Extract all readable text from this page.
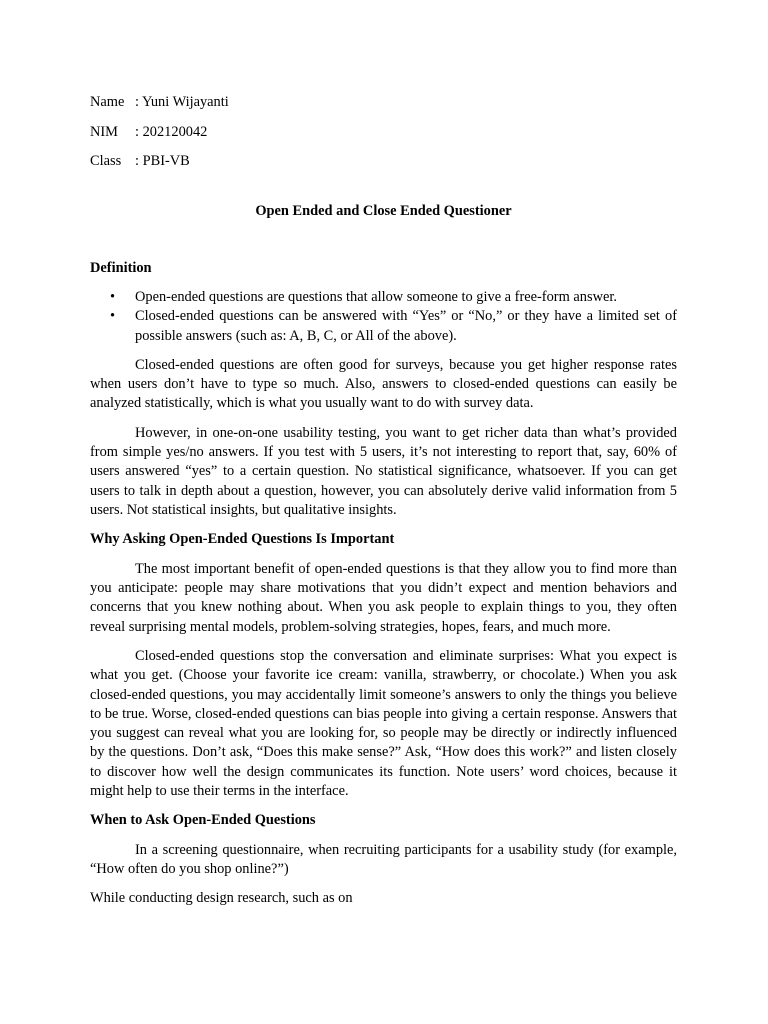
Name : Yuni Wijayanti
NIM : 202120042
Class : PBI-VB
Open Ended and Close Ended Questioner
Definition
• Open-ended questions are questions that allow someone to give a free-form answer.
• Closed-ended questions can be answered with “Yes” or “No,” or they have a limited set of possible answers (such as: A, B, C, or All of the above).

Closed-ended questions are often good for surveys, because you get higher response rates when users don’t have to type so much. Also, answers to closed-ended questions can easily be analyzed statistically, which is what you usually want to do with survey data.

However, in one-on-one usability testing, you want to get richer data than what’s provided from simple yes/no answers. If you test with 5 users, it’s not interesting to report that, say, 60% of users answered “yes” to a certain question. No statistical significance, whatsoever. If you can get users to talk in depth about a question, however, you can absolutely derive valid information from 5 users. Not statistical insights, but qualitative insights.

Why Asking Open-Ended Questions Is Important

The most important benefit of open-ended questions is that they allow you to find more than you anticipate: people may share motivations that you didn’t expect and mention behaviors and concerns that you knew nothing about. When you ask people to explain things to you, they often reveal surprising mental models, problem-solving strategies, hopes, fears, and much more.

Closed-ended questions stop the conversation and eliminate surprises: What you expect is what you get. (Choose your favorite ice cream: vanilla, strawberry, or chocolate.) When you ask closed-ended questions, you may accidentally limit someone’s answers to only the things you believe to be true. Worse, closed-ended questions can bias people into giving a certain response. Answers that you suggest can reveal what you are looking for, so people may be directly or indirectly influenced by the questions. Don’t ask, “Does this make sense?” Ask, “How does this work?” and listen closely to discover how well the design communicates its function. Note users’ word choices, because it might help to use their terms in the interface.

When to Ask Open-Ended Questions

In a screening questionnaire, when recruiting participants for a usability study (for example, “How often do you shop online?”)

While conducting design research, such as on
